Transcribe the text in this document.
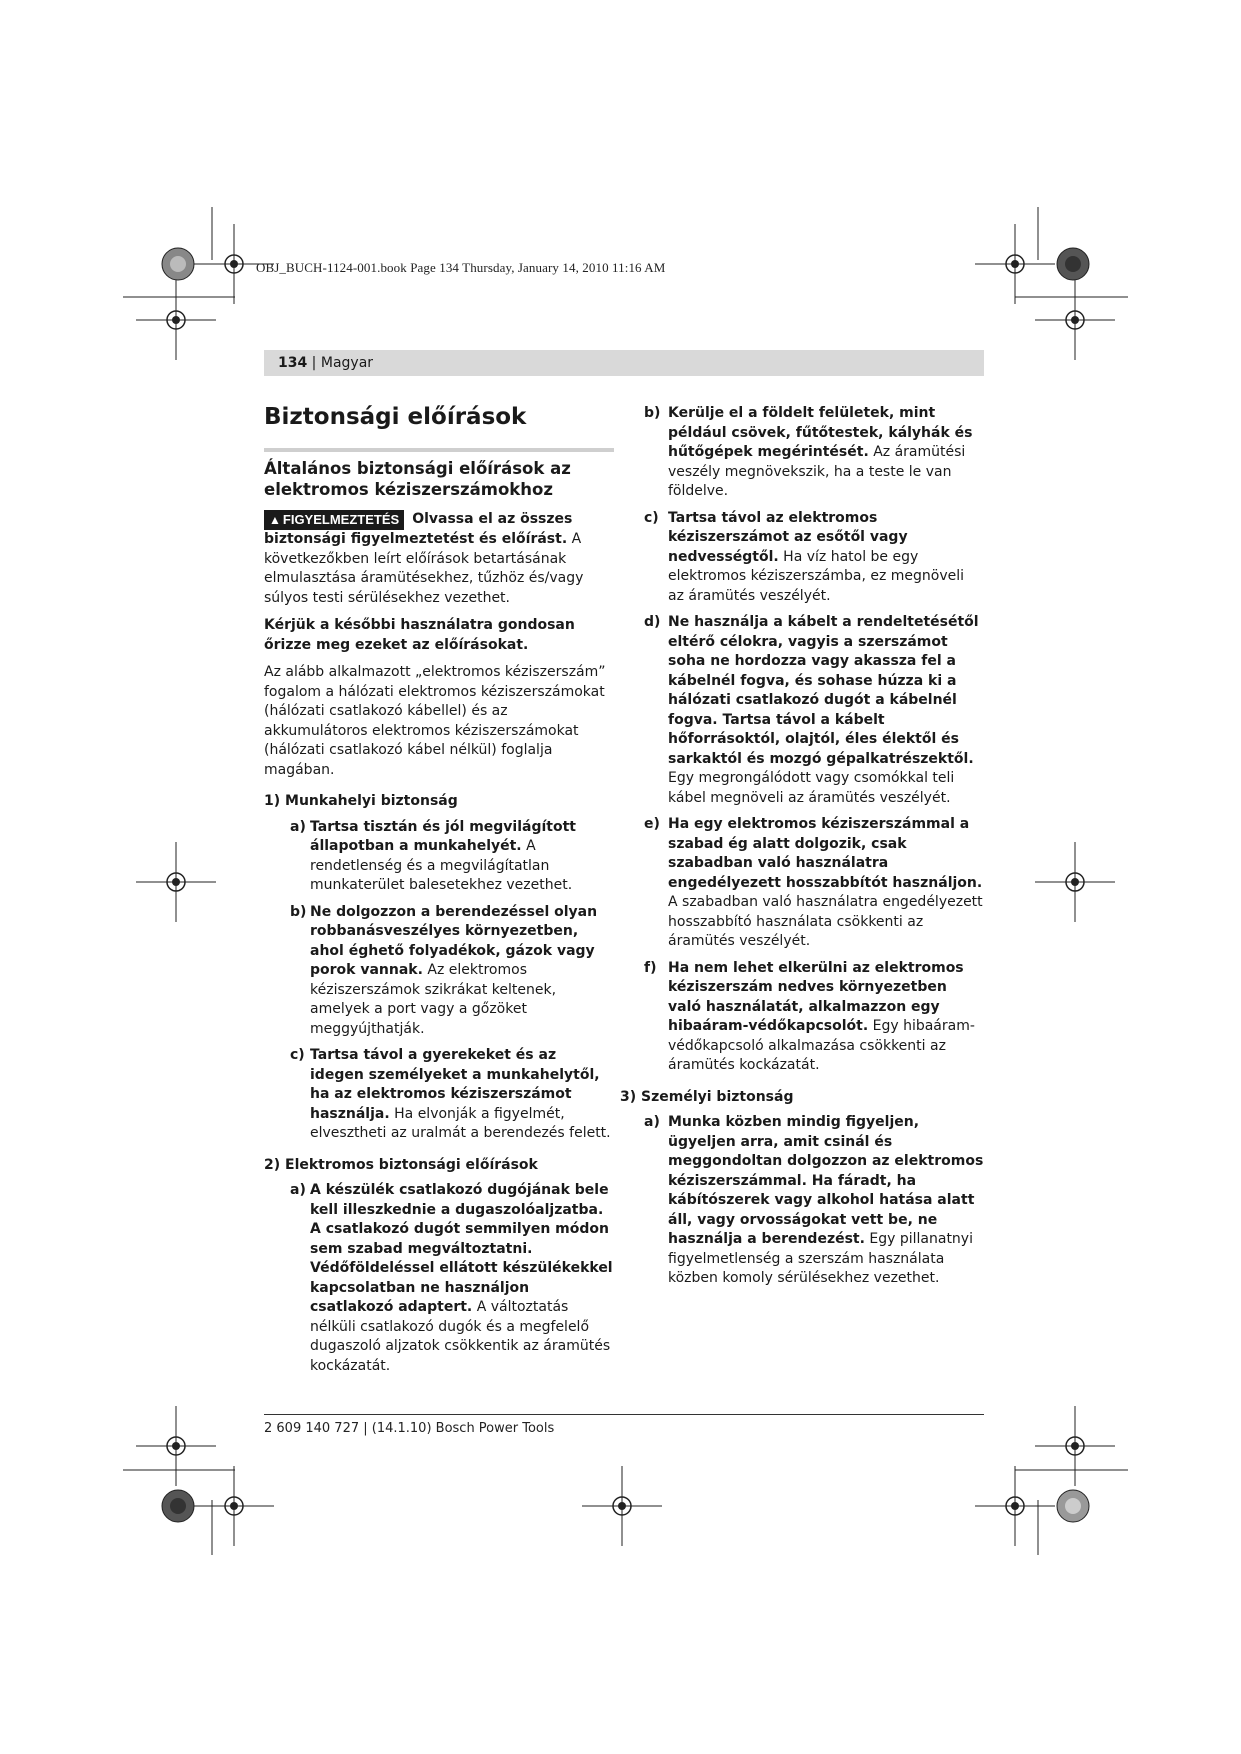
OBJ_BUCH-1124-001.book Page 134 Thursday, January 14, 2010 11:16 AM
134 | Magyar
Biztonsági előírások
Általános biztonsági előírások az elektromos kéziszerszámokhoz

▲ FIGYELMEZTETÉS Olvassa el az összes biztonsági figyelmeztetést és előírást. A következőkben leírt előírások betartásának elmulasztása áramütésekhez, tűzhöz és/vagy súlyos testi sérülésekhez vezethet.

Kérjük a későbbi használatra gondosan őrizze meg ezeket az előírásokat.

Az alább alkalmazott „elektromos kéziszerszám” fogalom a hálózati elektromos kéziszerszámokat (hálózati csatlakozó kábellel) és az akkumulátoros elektromos kéziszerszámokat (hálózati csatlakozó kábel nélkül) foglalja magában.

1) Munkahelyi biztonság
a) Tartsa tisztán és jól megvilágított állapotban a munkahelyét. A rendetlenség és a megvilágítatlan munkaterület balesetekhez vezethet.
b) Ne dolgozzon a berendezéssel olyan robbanásveszélyes környezetben, ahol éghető folyadékok, gázok vagy porok vannak. Az elektromos kéziszerszámok szikrákat keltenek, amelyek a port vagy a gőzöket meggyújthatják.
c) Tartsa távol a gyerekeket és az idegen személyeket a munkahelytől, ha az elektromos kéziszerszámot használja. Ha elvonják a figyelmét, elvesztheti az uralmát a berendezés felett.
2) Elektromos biztonsági előírások
a) A készülék csatlakozó dugójának bele kell illeszkednie a dugaszolóaljzatba. A csatlakozó dugót semmilyen módon sem szabad megváltoztatni. Védőföldeléssel ellátott készülékekkel kapcsolatban ne használjon csatlakozó adaptert. A változtatás nélküli csatlakozó dugók és a megfelelő dugaszoló aljzatok csökkentik az áramütés kockázatát.
b) Kerülje el a földelt felületek, mint például csövek, fűtőtestek, kályhák és hűtőgépek megérintését. Az áramütési veszély megnövekszik, ha a teste le van földelve.
c) Tartsa távol az elektromos kéziszerszámot az esőtől vagy nedvességtől. Ha víz hatol be egy elektromos kéziszerszámba, ez megnöveli az áramütés veszélyét.
d) Ne használja a kábelt a rendeltetésétől eltérő célokra, vagyis a szerszámot soha ne hordozza vagy akassza fel a kábelnél fogva, és sohase húzza ki a hálózati csatlakozó dugót a kábelnél fogva. Tartsa távol a kábelt hőforrásoktól, olajtól, éles élektől és sarkaktól és mozgó gépalkatrészektől. Egy megrongálódott vagy csomókkal teli kábel megnöveli az áramütés veszélyét.
e) Ha egy elektromos kéziszerszámmal a szabad ég alatt dolgozik, csak szabadban való használatra engedélyezett hosszabbítót használjon. A szabadban való használatra engedélyezett hosszabbító használata csökkenti az áramütés veszélyét.
f) Ha nem lehet elkerülni az elektromos kéziszerszám nedves környezetben való használatát, alkalmazzon egy hibaáram-védőkapcsolót. Egy hibaáram-védőkapcsoló alkalmazása csökkenti az áramütés kockázatát.
3) Személyi biztonság
a) Munka közben mindig figyeljen, ügyeljen arra, amit csinál és meggondoltan dolgozzon az elektromos kéziszerszámmal. Ha fáradt, ha kábítószerek vagy alkohol hatása alatt áll, vagy orvosságokat vett be, ne használja a berendezést. Egy pillanatnyi figyelmetlenség a szerszám használata közben komoly sérülésekhez vezethet.
2 609 140 727 | (14.1.10) Bosch Power Tools
